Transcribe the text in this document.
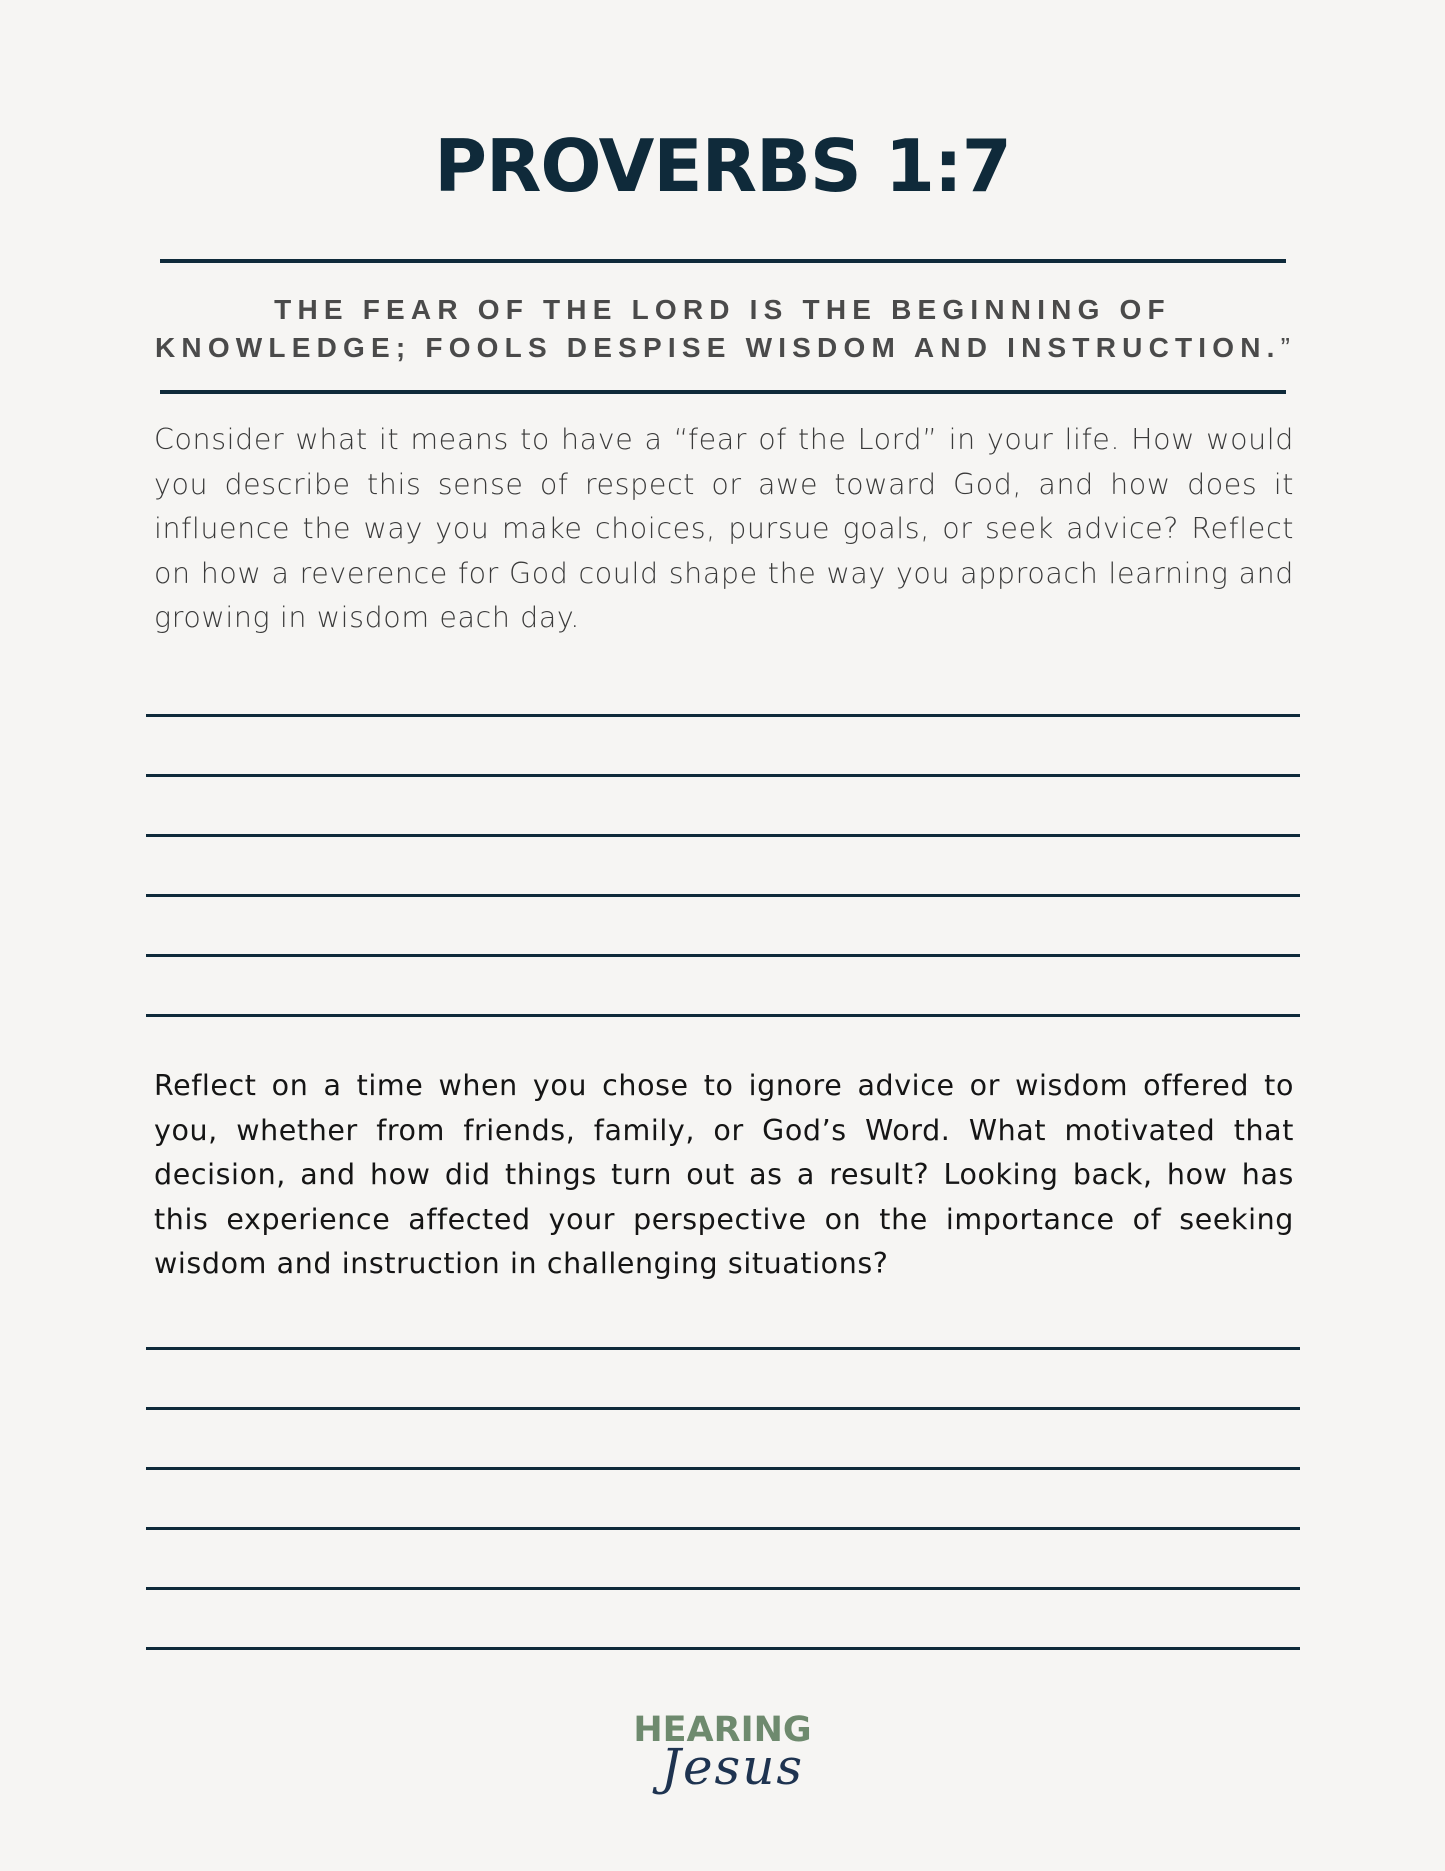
PROVERBS 1:7
THE FEAR OF THE LORD IS THE BEGINNING OF
KNOWLEDGE; FOOLS DESPISE WISDOM AND INSTRUCTION.”

Consider what it means to have a “fear of the Lord” in your life. How would you describe this sense of respect or awe toward God, and how does it influence the way you make choices, pursue goals, or seek advice? Reflect on how a reverence for God could shape the way you approach learning and growing in wisdom each day.

Reflect on a time when you chose to ignore advice or wisdom offered to you, whether from friends, family, or God’s Word. What motivated that decision, and how did things turn out as a result? Looking back, how has this experience affected your perspective on the importance of seeking wisdom and instruction in challenging situations?

HEARING
Jesus
